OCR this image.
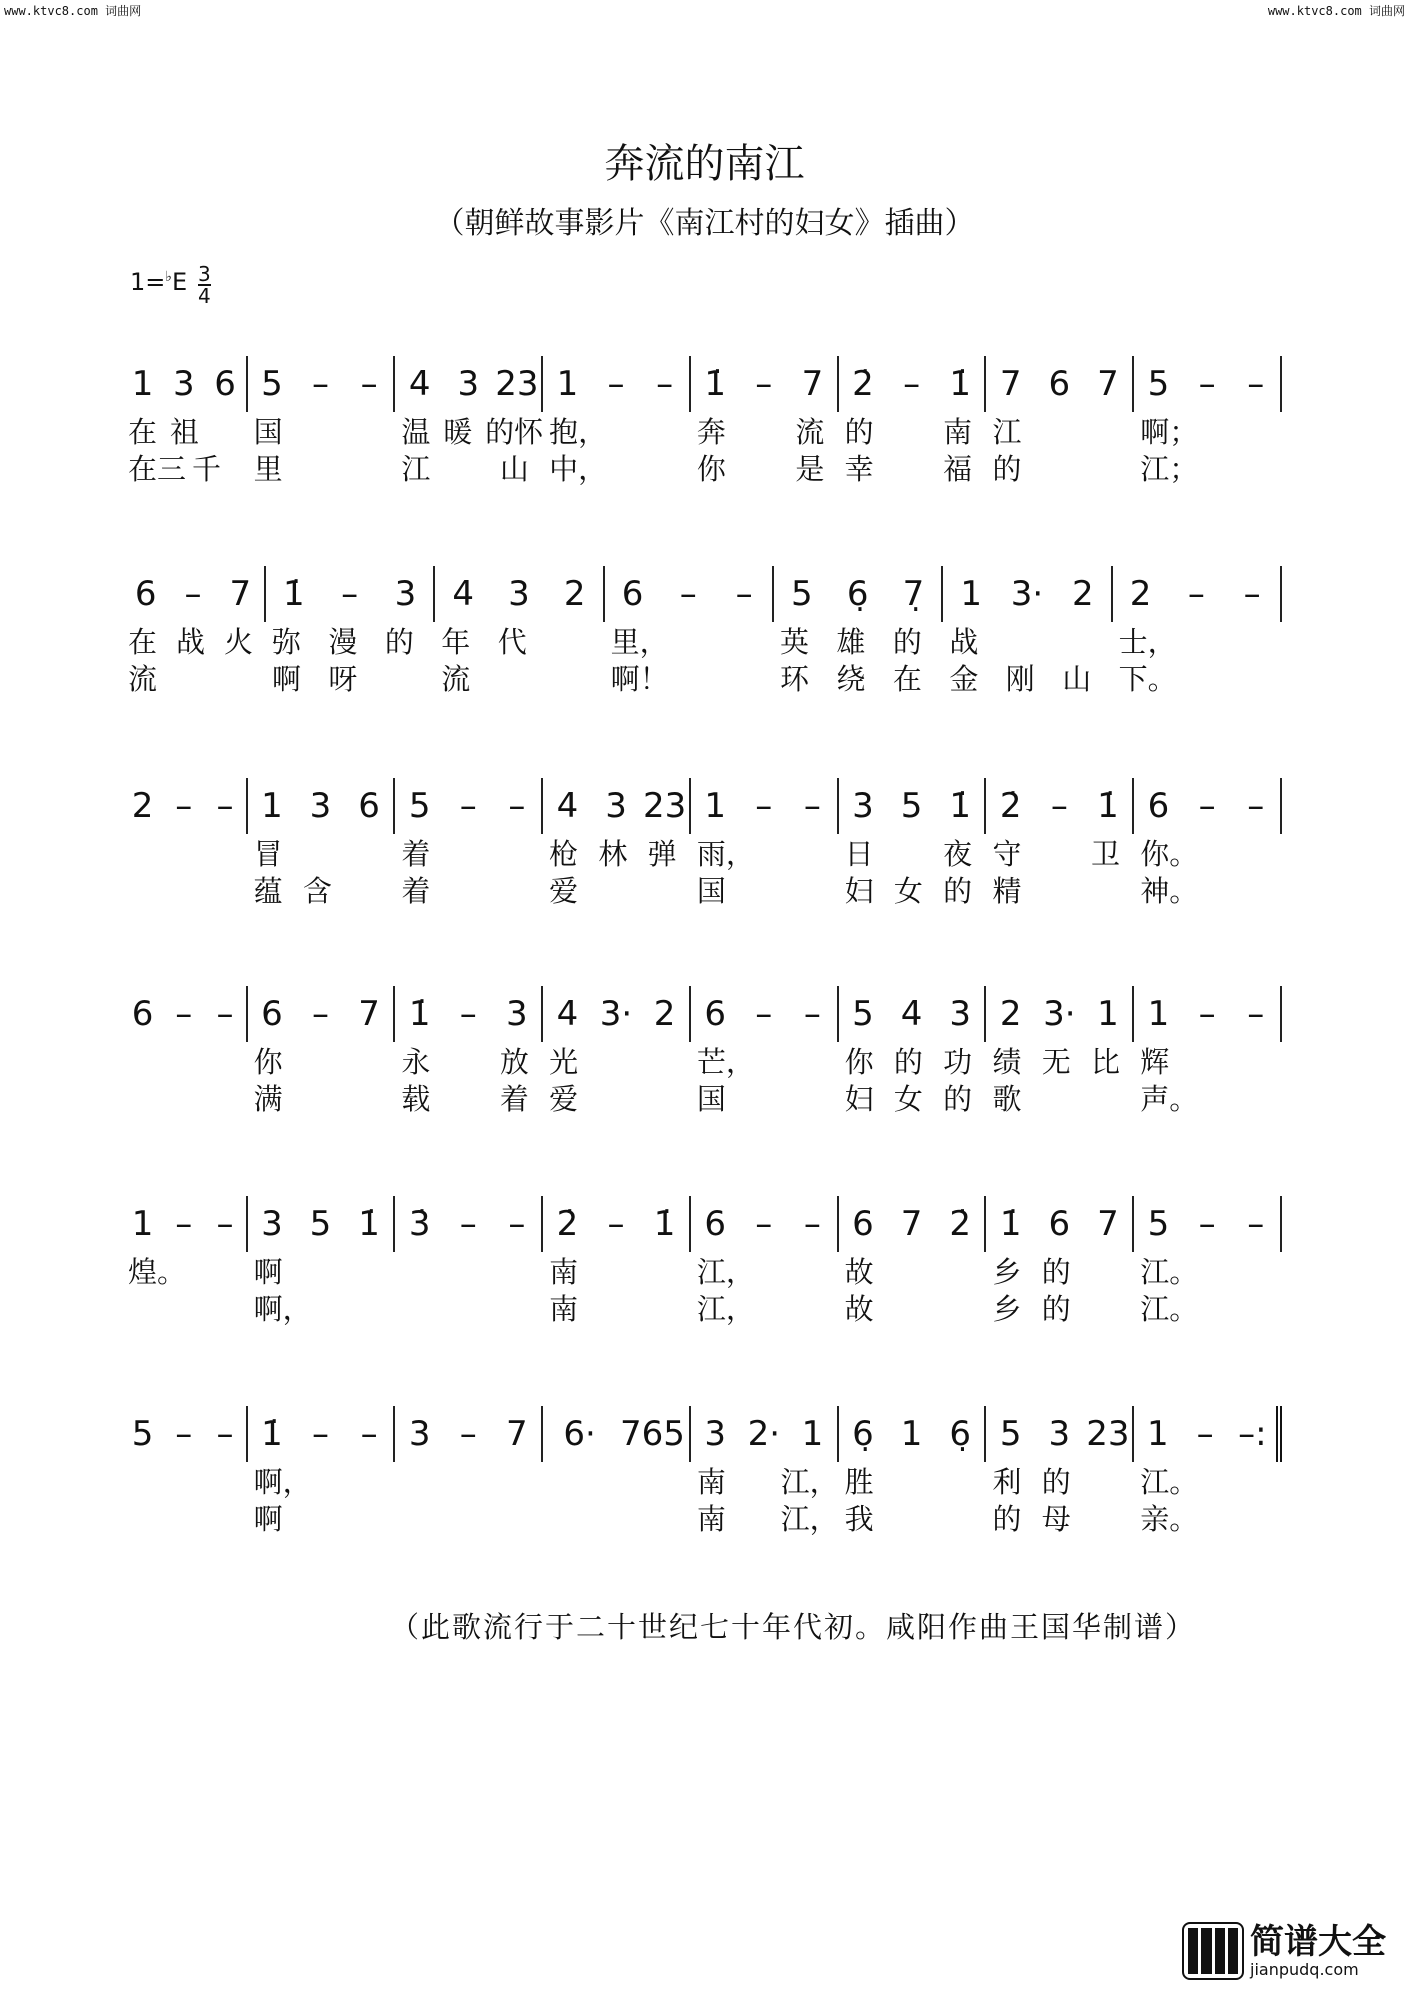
www.ktvc8.com 词曲网	www.ktvc8.com 词曲网
奔流的南江
（朝鲜故事影片《南江村的妇女》插曲）
1=♭E 3
4
1 3 6
在 祖
在三 千
5 – –
国
里
4 3 23
温 暖 的怀
江	山
1 – –
抱，
中，
1̇ – 7
奔	流
你	是
2̇ – 1̇
的	南
幸	福
7 6 7
江
的
5 – –
啊；
江；
6 – 7
在 战 火
流
1̇	–	3
弥 漫 的
啊 呀
4	3	2
年 代
流
6	–	–
里，
啊！
5	6̣	7̣
英 雄 的
环 绕 在
1 3· 2
战
金 刚 山
2	–	–
士，
下。
2 – – 1 3 6
冒
蕴 含
5 – –
着
着
4 3 23
枪 林 弹
爱
1 – –
雨，
国
3 5 1̇
日	夜
妇 女 的
2̇ – 1̇
守	卫
精
6 – –
你。
神。
6 – – 6 – 7
你
满
1̇ – 3
永	放
载	着
4 3· 2
光
爱
6 – –
芒，
国
5 4 3
你 的 功
妇 女 的
2 3· 1
绩 无 比
歌
1 – –
辉
声。
1 – –
煌。
3 5 1̇
啊
啊，
3̇ – – 2̇ – 1̇
南
南
6 – –
江，
江，
6 7 2̇
故
故
1̇ 6 7
乡 的
乡 的
5 – –
江。
江。
5 – – 1̇ – –
啊，
啊
3 – 7	6· 765 3 2· 1
南 江，
南 江，
6̣ 1 6̣
胜
我
5 3 23
利 的
的 母
1 – –:
江。
亲。
（此歌流行于二十世纪七十年代初。咸阳作曲王国华制谱）
简谱大全
jianpudq.com
